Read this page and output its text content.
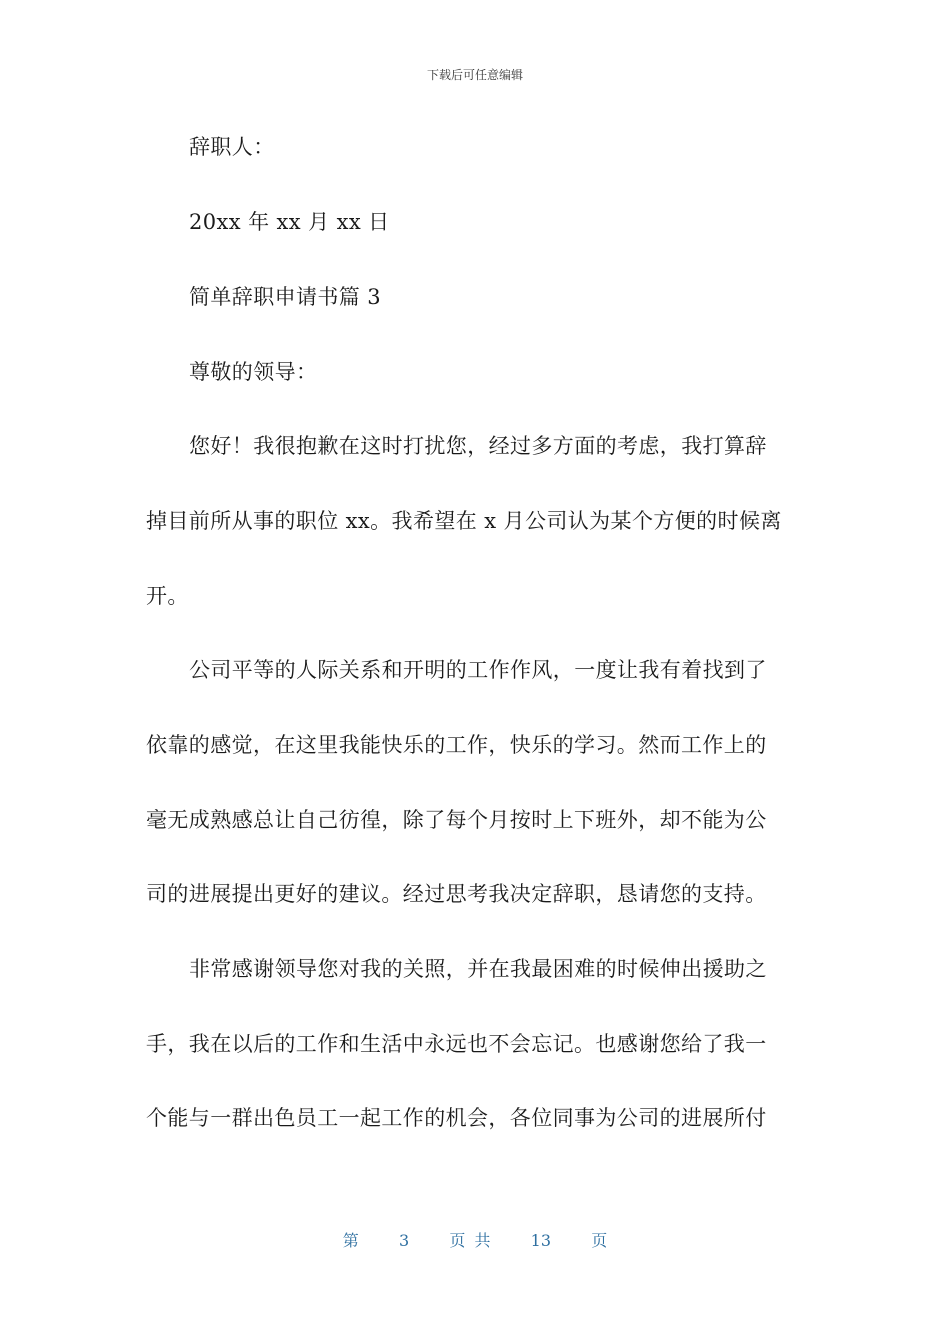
下载后可任意编辑
辞职人：
20xx 年 xx 月 xx 日
简单辞职申请书篇 3
尊敬的领导：
您好！我很抱歉在这时打扰您，经过多方面的考虑，我打算辞
掉目前所从事的职位 xx。我希望在 x 月公司认为某个方便的时候离
开。
公司平等的人际关系和开明的工作作风，一度让我有着找到了
依靠的感觉，在这里我能快乐的工作，快乐的学习。然而工作上的
毫无成熟感总让自己彷徨，除了每个月按时上下班外，却不能为公
司的进展提出更好的建议。经过思考我决定辞职，恳请您的支持。
非常感谢领导您对我的关照，并在我最困难的时候伸出援助之
手，我在以后的工作和生活中永远也不会忘记。也感谢您给了我一
个能与一群出色员工一起工作的机会，各位同事为公司的进展所付
第	3	页 共	13	页
